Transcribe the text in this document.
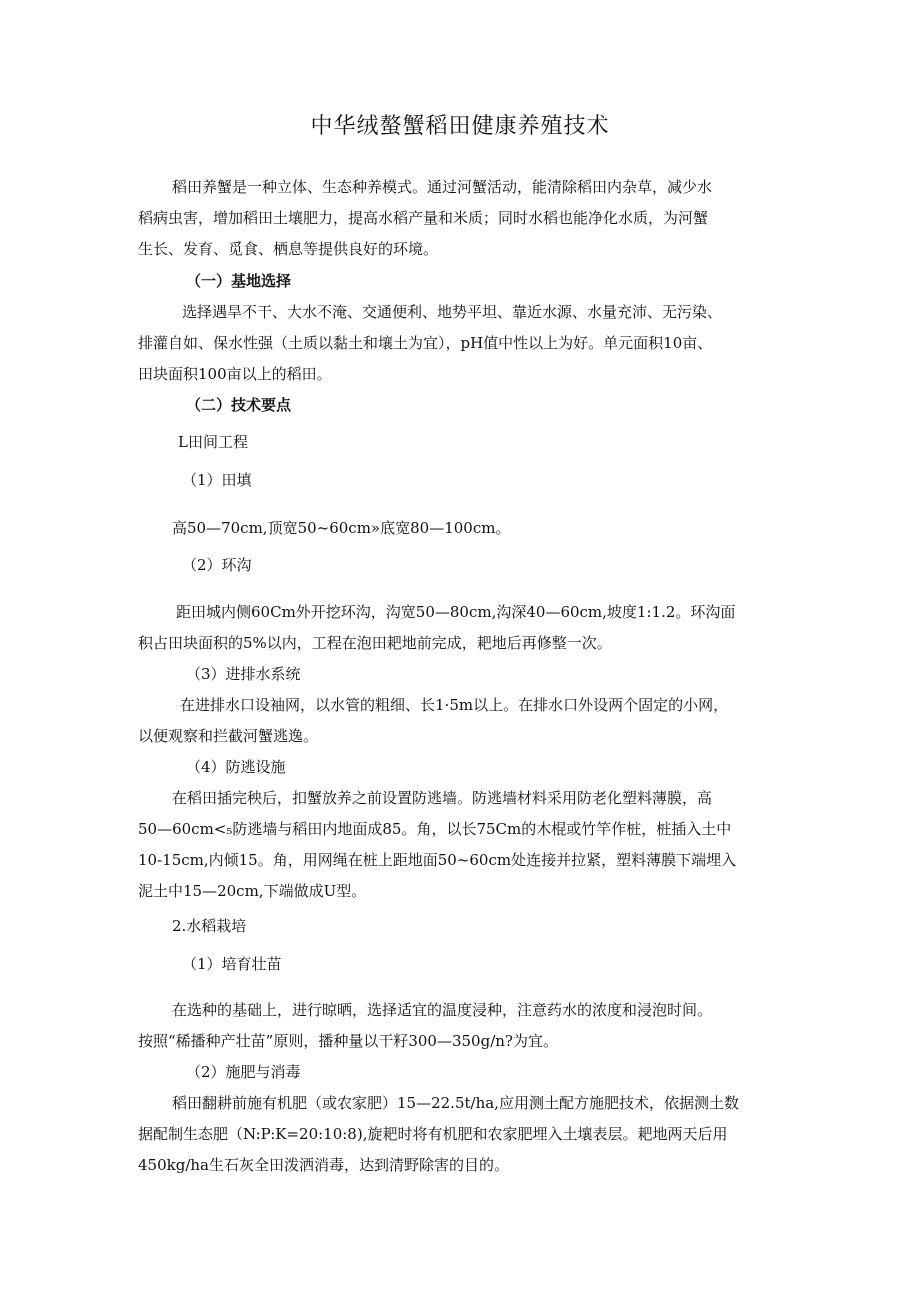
中华绒螯蟹稻田健康养殖技术
稻田养蟹是一种立体、生态种养模式。通过河蟹活动，能清除稻田内杂草，减少水
稻病虫害，增加稻田土壤肥力，提高水稻产量和米质；同时水稻也能净化水质，为河蟹
生长、发育、觅食、栖息等提供良好的环境。
（一）基地选择
选择遇旱不干、大水不淹、交通便利、地势平坦、靠近水源、水量充沛、无污染、
排灌自如、保水性强（土质以黏土和壤土为宜），pH值中性以上为好。单元面积10亩、
田块面积100亩以上的稻田。
（二）技术要点
L田间工程
（1）田填
高50—70cm,顶宽50~60cm»底宽80—100cm。
（2）环沟
距田城内侧60Cm外开挖环沟，沟宽50—80cm,沟深40—60cm,坡度1:1.2。环沟面
积占田块面积的5%以内，工程在泡田耙地前完成，耙地后再修整一次。
（3）进排水系统
在进排水口设袖网，以水管的粗细、长1·5m以上。在排水口外设两个固定的小网，
以便观察和拦截河蟹逃逸。
（4）防逃设施
在稻田插完秧后，扣蟹放养之前设置防逃墙。防逃墙材料采用防老化塑料薄膜，高
50—60cm<₅防逃墙与稻田内地面成85。角，以长75Cm的木棍或竹竿作桩，桩插入土中
10-15cm,内倾15。角，用网绳在桩上距地面50~60cm处连接并拉紧，塑料薄膜下端埋入
泥土中15—20cm,下端做成U型。
2.水稻栽培
（1）培育壮苗
在选种的基础上，进行晾晒，选择适宜的温度浸种，注意药水的浓度和浸泡时间。
按照“稀播种产壮苗”原则，播种量以干籽300—350g/n?为宜。
（2）施肥与消毒
稻田翻耕前施有机肥（或农家肥）15—22.5t/ha,应用测土配方施肥技术，依据测土数
据配制生态肥（N:P:K=20:10:8),旋耙时将有机肥和农家肥埋入土壤表层。耙地两天后用
450kg/ha生石灰全田泼洒消毒，达到清野除害的目的。
